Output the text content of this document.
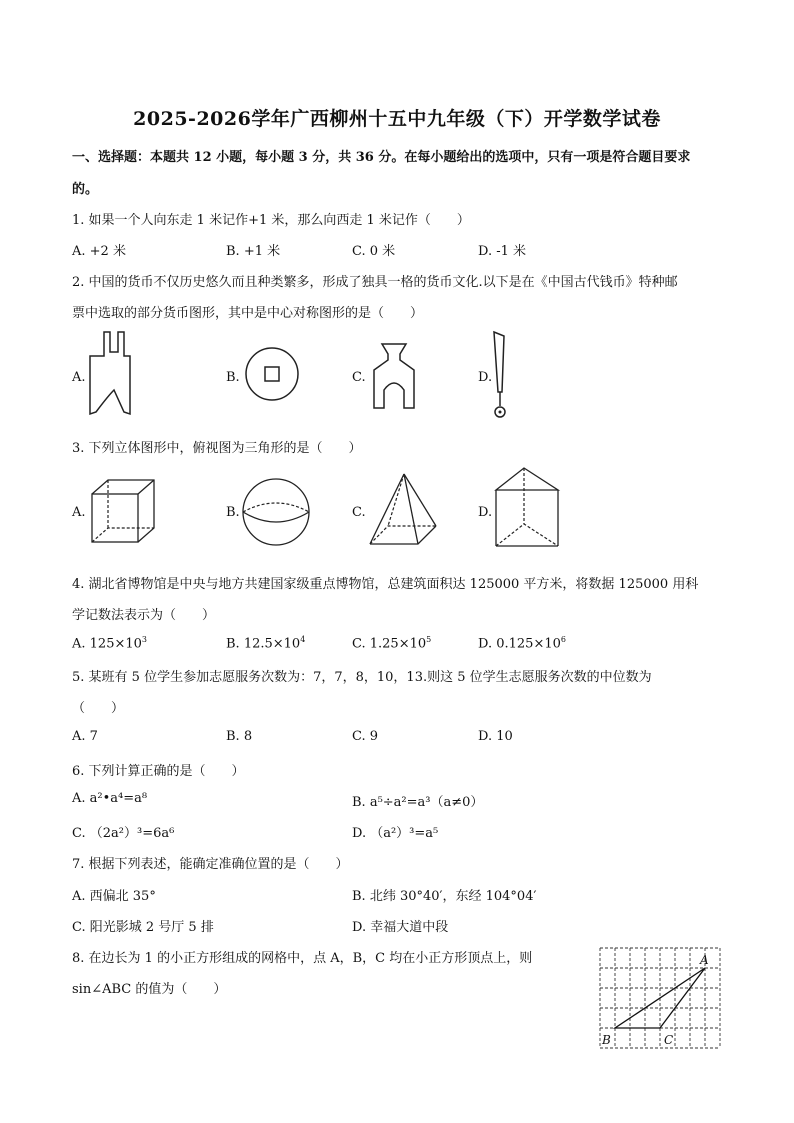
2025-2026学年广西柳州十五中九年级（下）开学数学试卷
一、选择题：本题共 12 小题，每小题 3 分，共 36 分。在每小题给出的选项中，只有一项是符合题目要求
的。
1. 如果一个人向东走 1 米记作+1 米，那么向西走 1 米记作（　　）
A. +2 米	B. +1 米	C. 0 米	D. -1 米
2. 中国的货币不仅历史悠久而且种类繁多，形成了独具一格的货币文化.以下是在《中国古代钱币》特种邮
票中选取的部分货币图形，其中是中心对称图形的是（　　）
A.	B.	C.	D.
3. 下列立体图形中，俯视图为三角形的是（　　）
A.	B.	C.	D.
4. 湖北省博物馆是中央与地方共建国家级重点博物馆，总建筑面积达 125000 平方米，将数据 125000 用科
学记数法表示为（　　）
A. $125\times 10^3$	B. $12.5\times 10^4$	C. $1.25\times 10^5$	D. $0.125\times 10^6$
5. 某班有 5 位学生参加志愿服务次数为：7，7，8，10，13.则这 5 位学生志愿服务次数的中位数为
（　　）
A. 7	B. 8	C. 9	D. 10
6. 下列计算正确的是（　　）
A. a²•a⁴=a⁸	B. a⁵÷a²=a³（a≠0）
C. （2a²）³=6a⁶	D. （a²）³=a⁵
7. 根据下列表述，能确定准确位置的是（　　）
A. 西偏北 35°	B. 北纬 30°40′，东经 104°04′
C. 阳光影城 2 号厅 5 排	D. 幸福大道中段
8. 在边长为 1 的小正方形组成的网格中，点 A，B，C 均在小正方形顶点上，则
sin∠ABC 的值为（　　）
A
B	C
